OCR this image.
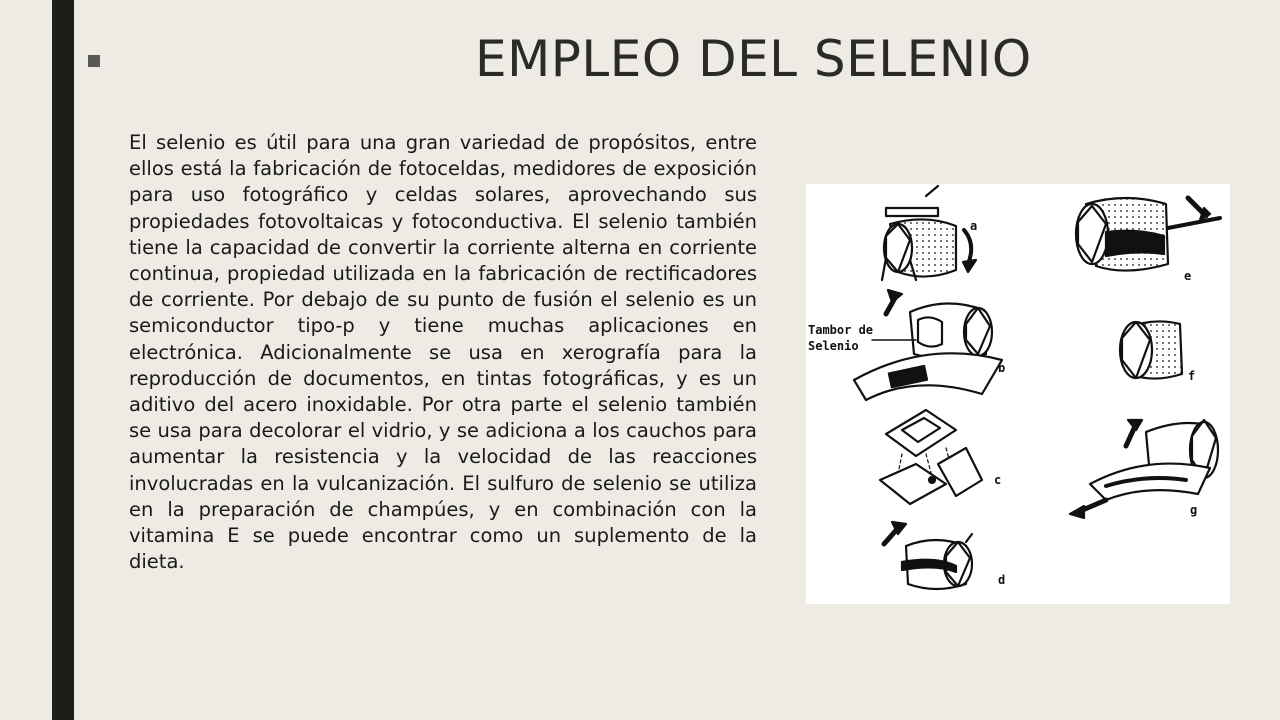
EMPLEO DEL SELENIO

El selenio es útil para una gran variedad de propósitos, entre ellos está la fabricación de fotoceldas, medidores de exposición para uso fotográfico y celdas solares, aprovechando sus propiedades fotovoltaicas y fotoconductiva. El selenio también tiene la capacidad de convertir la corriente alterna en corriente continua, propiedad utilizada en la fabricación de rectificadores de corriente. Por debajo de su punto de fusión el selenio es un semiconductor tipo-p y tiene muchas aplicaciones en electrónica. Adicionalmente se usa en xerografía para la reproducción de documentos, en tintas fotográficas, y es un aditivo del acero inoxidable. Por otra parte el selenio también se usa para decolorar el vidrio, y se adiciona a los cauchos para aumentar la resistencia y la velocidad de las reacciones involucradas en la vulcanización. El sulfuro de selenio se utiliza en la preparación de champúes, y en combinación con la vitamina E se puede encontrar como un suplemento de la dieta.

Tambor de
Selenio
a
b
c
d
e
f
g
